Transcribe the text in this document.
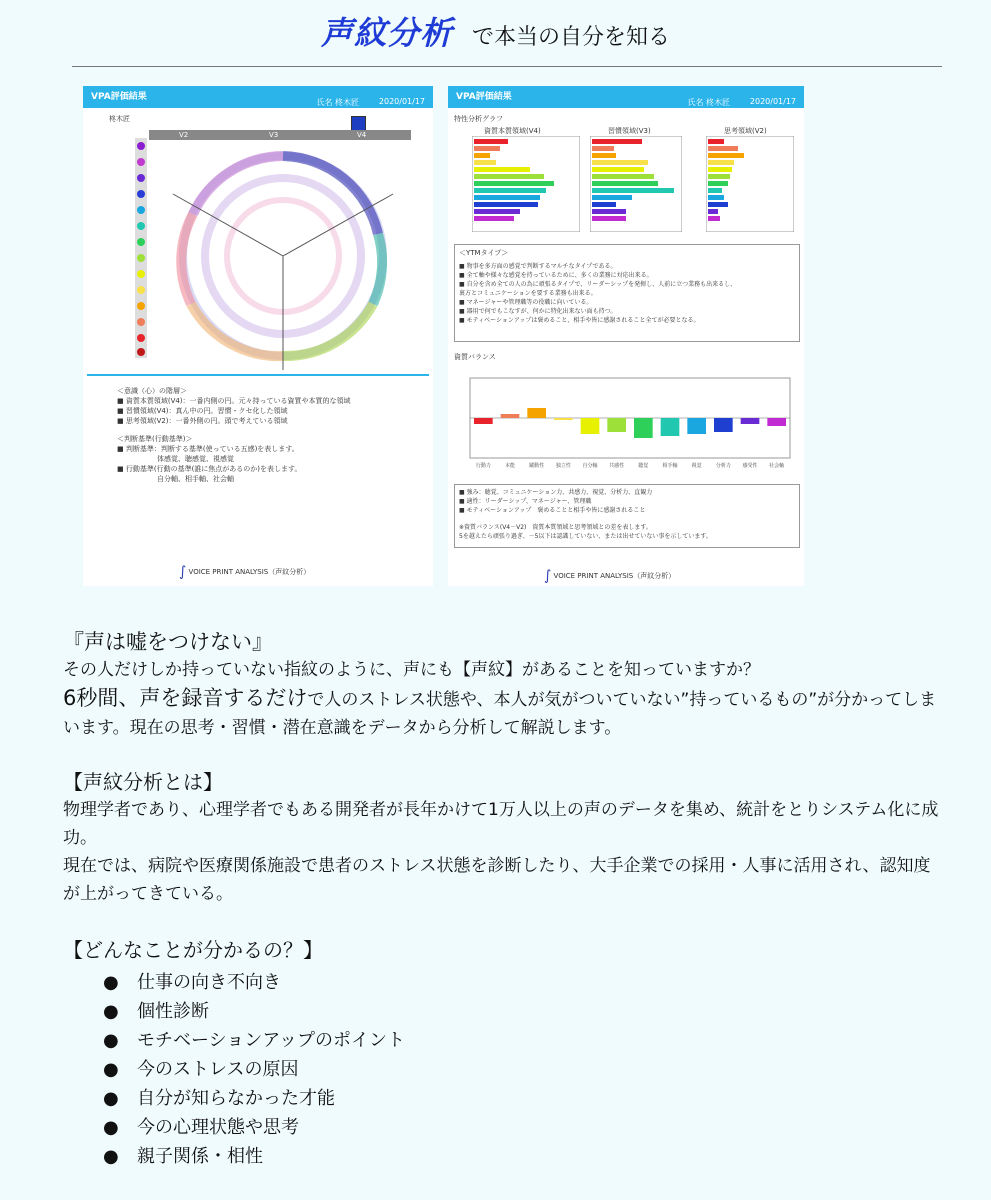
声紋分析 で本当の自分を知る
VPA評価結果
氏名 柊木匠 2020/01/17
柊木匠
V2	V3	V4
＜意識（心）の階層＞
■ 資質本質領域(V4)：一番内側の円。元々持っている資質や本質的な領域
■ 習慣領域(V4)：真ん中の円。習慣・クセ化した領域
■ 思考領域(V2)：一番外側の円。頭で考えている領域
＜判断基準(行動基準)＞
■ 判断基準：判断する基準(使っている五感)を表します。
体感覚、聴感覚、視感覚
■ 行動基準(行動の基準(誰に焦点があるのか)を表します。
自分軸、相手軸、社会軸
∫ VOICE PRINT ANALYSIS（声紋分析）
VPA評価結果
氏名 柊木匠 2020/01/17
特性分析グラフ
資質本質領域(V4)	習慣領域(V3)	思考領域(V2)
＜YTMタイプ＞
■ 物事を多方面の感覚で判断するマルチなタイプである。
■ 全て軸や様々な感覚を持っているために、多くの業務に対応出来る。
■ 自分を含め全ての人の為に頑張るタイプで、リーダーシップを発揮し、人前に立つ業務も出来るし、
裏方とコミュニケーションを要する業務も出来る。
■ マネージャーや管理職等の役職に向いている。
■ 器用で何でもこなすが、何かに特化出来ない面も持つ。
■ モティベーションアップは褒めること、相手や皆に感謝されること全てが必要となる。
資質バランス
行動力	本能	躍動性 独立性 自分軸 共感性	聴覚	相手軸	視覚	分析力 感受性 社会軸
■ 強み：聴覚、コミュニケーション力、共感力、視覚、分析力、直観力
■ 適性：リーダーシップ、マネージャー、管理職
■ モティベーションアップ　褒めることと相手や皆に感謝されること
※資質バランス(V4－V2)　資質本質領域と思考領域との差を表します。
5を越えたら頑張り過ぎ、－5以下は認識していない、または出せていない事を示しています。
∫ VOICE PRINT ANALYSIS（声紋分析）

『声は嘘をつけない』

その人だけしか持っていない指紋のように、声にも【声紋】があることを知っていますか？

6秒間、声を録音するだけで人のストレス状態や、本人が気がついていない”持っているもの”が分かってしまいます。現在の思考・習慣・潜在意識をデータから分析して解説します。

【声紋分析とは】

物理学者であり、心理学者でもある開発者が長年かけて1万人以上の声のデータを集め、統計をとりシステム化に成功。

現在では、病院や医療関係施設で患者のストレス状態を診断したり、大手企業での採用・人事に活用され、認知度が上がってきている。

【どんなことが分かるの？】

● 仕事の向き不向き
● 個性診断
● モチベーションアップのポイント
● 今のストレスの原因
● 自分が知らなかった才能
● 今の心理状態や思考
● 親子関係・相性
